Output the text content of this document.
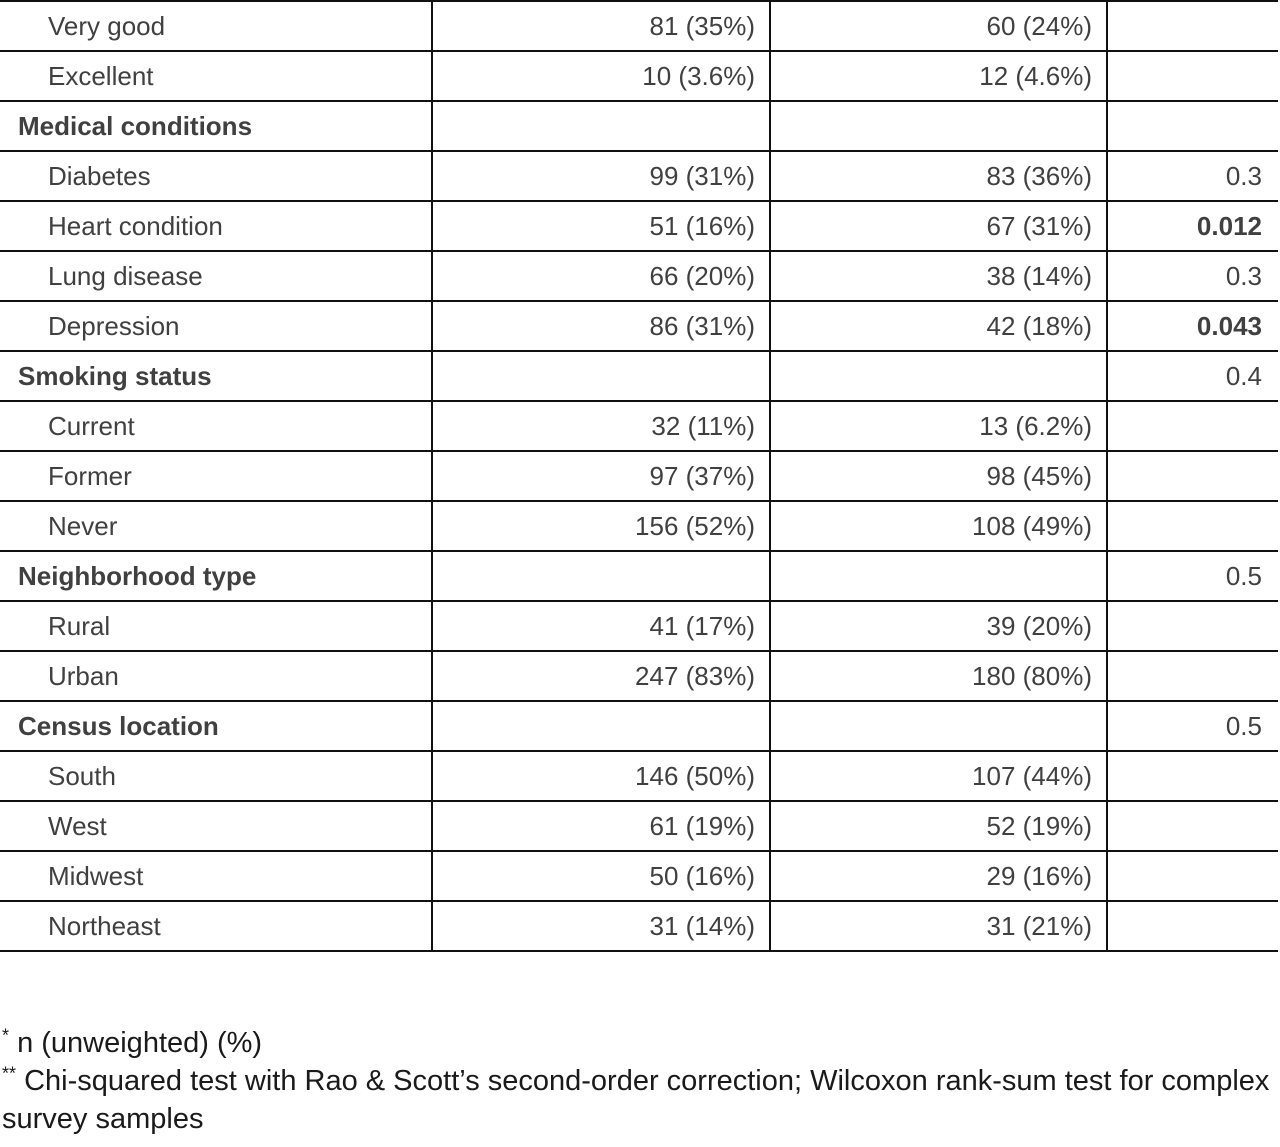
Very good	81 (35%)	60 (24%)	
Excellent	10 (3.6%)	12 (4.6%)	
Medical conditions			
Diabetes	99 (31%)	83 (36%)	0.3
Heart condition	51 (16%)	67 (31%)	0.012
Lung disease	66 (20%)	38 (14%)	0.3
Depression	86 (31%)	42 (18%)	0.043
Smoking status			0.4
Current	32 (11%)	13 (6.2%)	
Former	97 (37%)	98 (45%)	
Never	156 (52%)	108 (49%)	
Neighborhood type			0.5
Rural	41 (17%)	39 (20%)	
Urban	247 (83%)	180 (80%)	
Census location			0.5
South	146 (50%)	107 (44%)	
West	61 (19%)	52 (19%)	
Midwest	50 (16%)	29 (16%)	
Northeast	31 (14%)	31 (21%)	

* n (unweighted) (%)

** Chi-squared test with Rao & Scott’s second-order correction; Wilcoxon rank-sum test for complex survey samples
